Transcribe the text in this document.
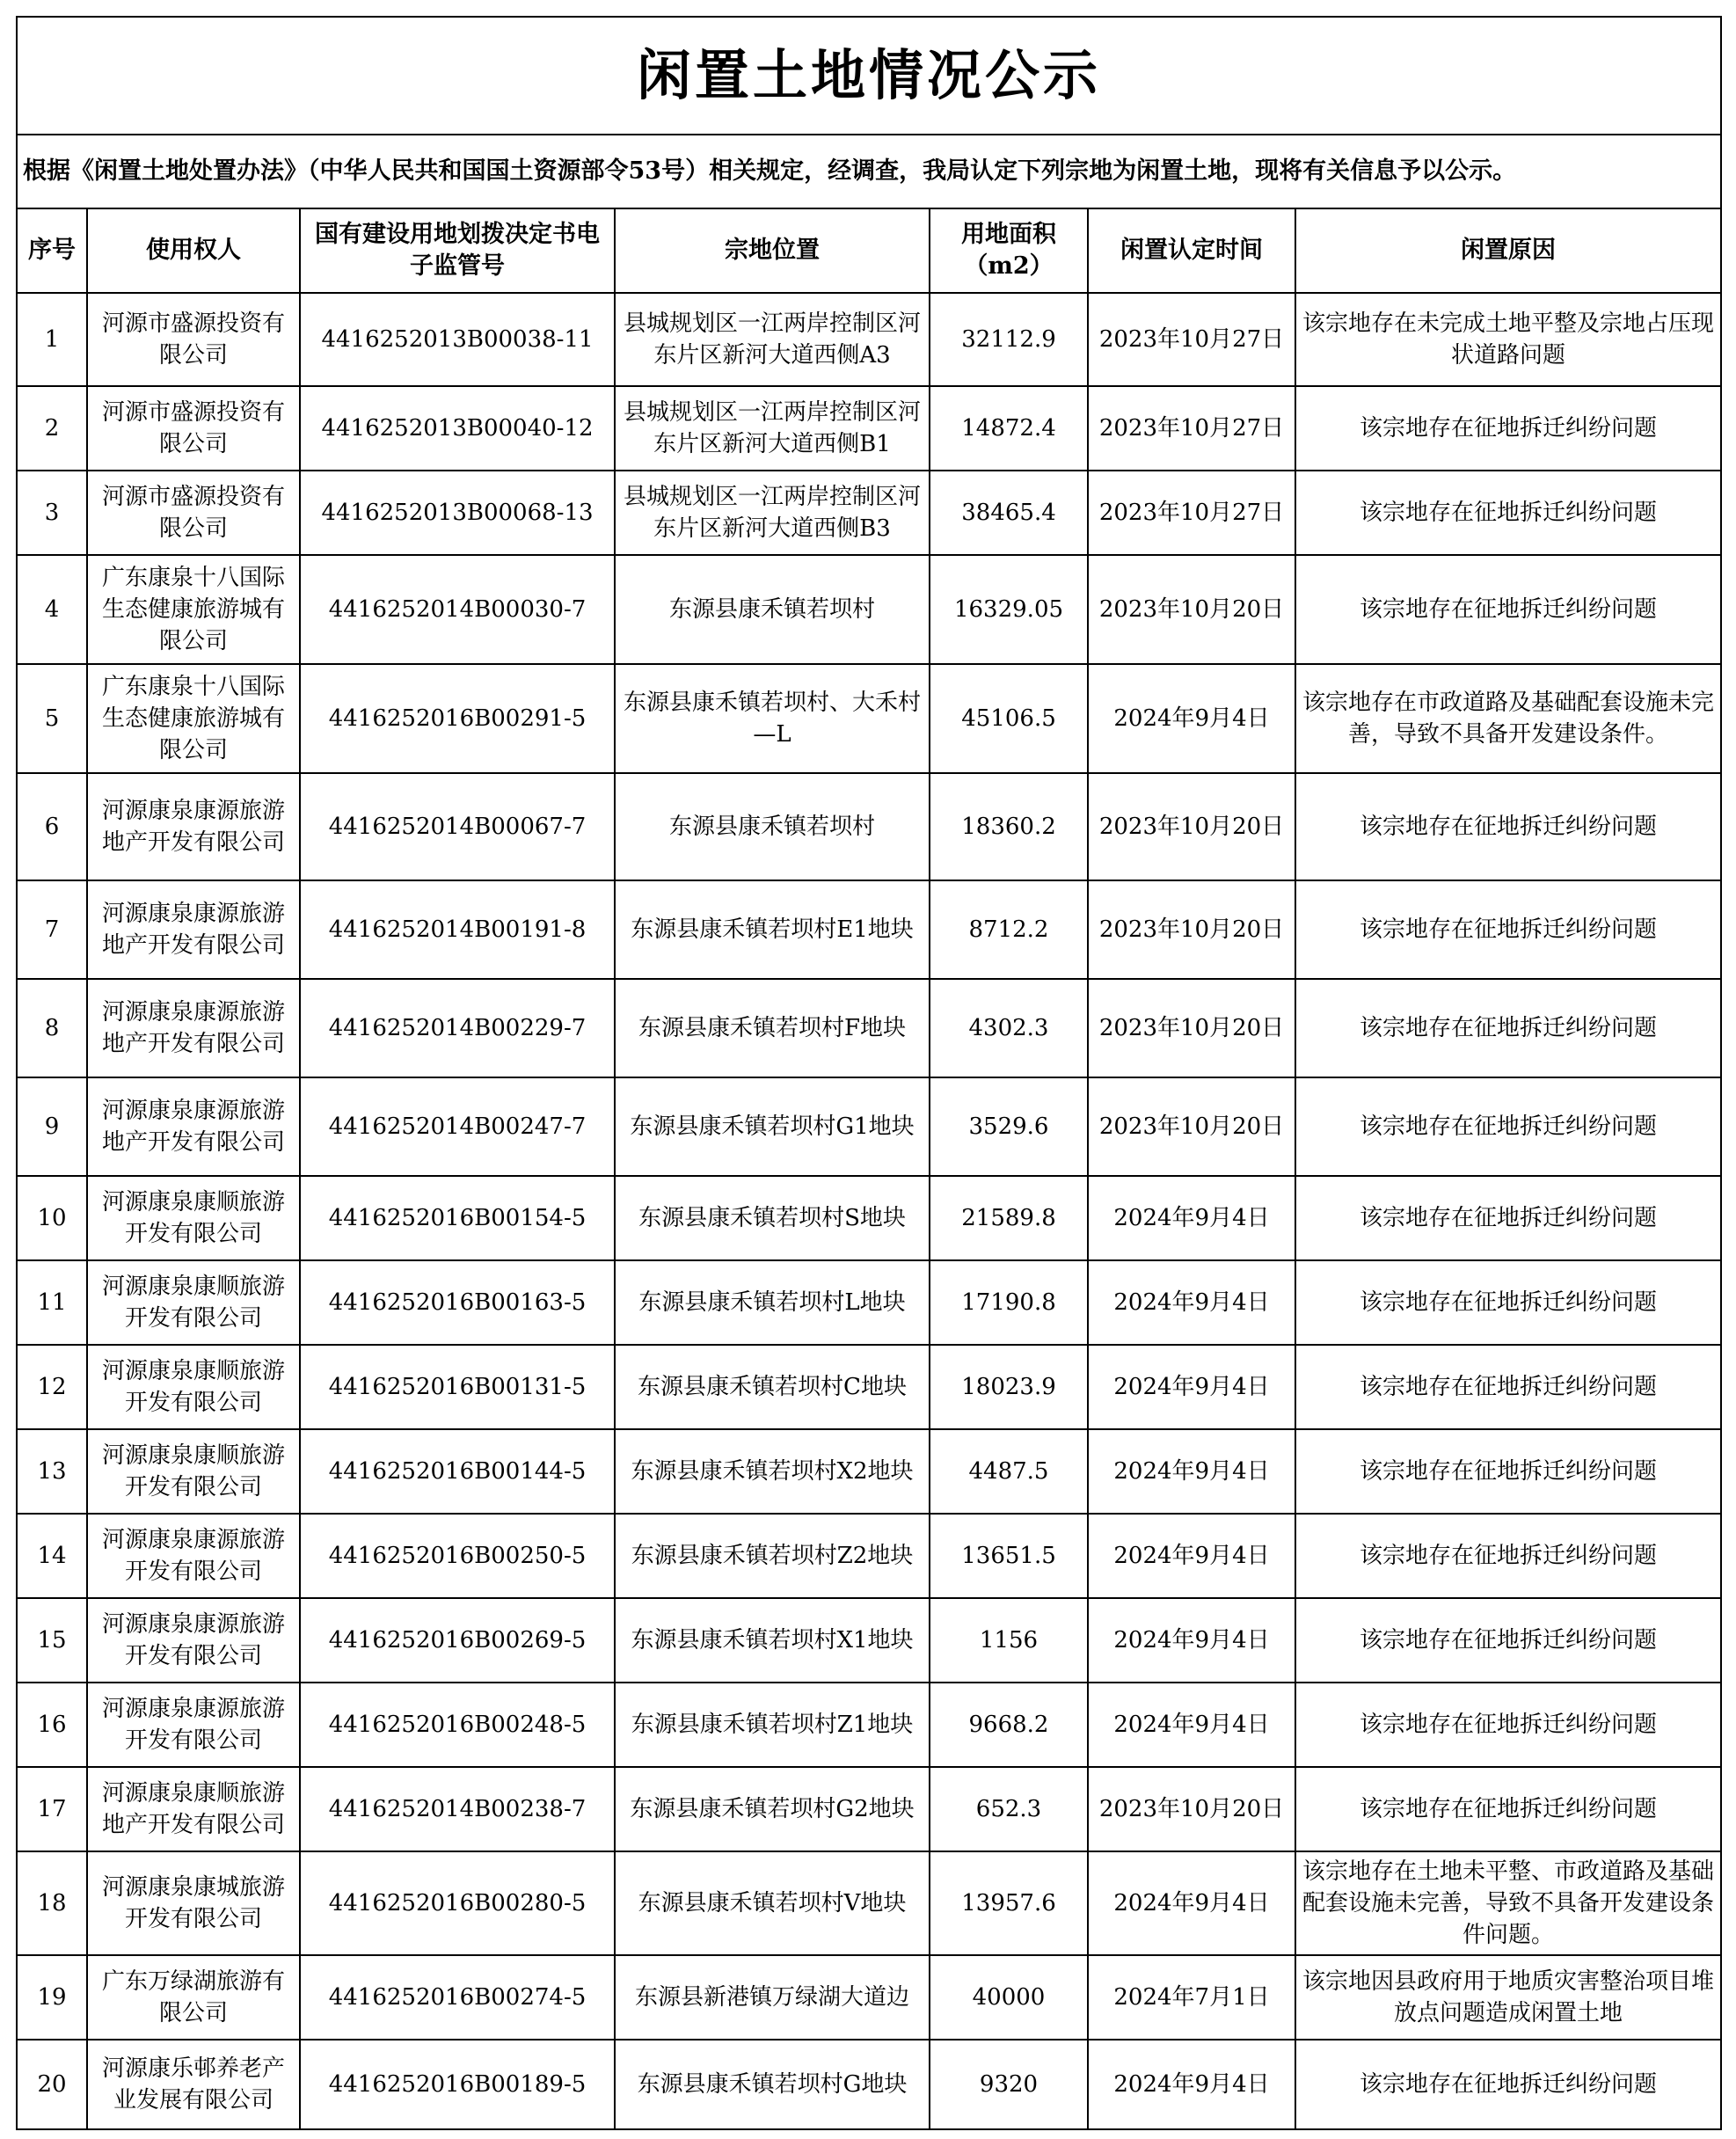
闲置土地情况公示						
根据《闲置土地处置办法》（中华人民共和国国土资源部令53号）相关规定，经调查，我局认定下列宗地为闲置土地，现将有关信息予以公示。						
序号	使用权人	国有建设用地划拨决定书电子监管号	宗地位置	用地面积（m2）	闲置认定时间	闲置原因

1	河源市盛源投资有限公司	4416252013B00038-11	县城规划区一江两岸控制区河东片区新河大道西侧A3	32112.9	2023年10月27日	该宗地存在未完成土地平整及宗地占压现状道路问题

2	河源市盛源投资有限公司	4416252013B00040-12	县城规划区一江两岸控制区河东片区新河大道西侧B1	14872.4	2023年10月27日	该宗地存在征地拆迁纠纷问题

3	河源市盛源投资有限公司	4416252013B00068-13	县城规划区一江两岸控制区河东片区新河大道西侧B3	38465.4	2023年10月27日	该宗地存在征地拆迁纠纷问题

4	广东康泉十八国际生态健康旅游城有限公司	4416252014B00030-7	东源县康禾镇若坝村	16329.05	2023年10月20日	该宗地存在征地拆迁纠纷问题

5	广东康泉十八国际生态健康旅游城有限公司	4416252016B00291-5	东源县康禾镇若坝村、大禾村—L	45106.5	2024年9月4日	该宗地存在市政道路及基础配套设施未完善，导致不具备开发建设条件。

6	河源康泉康源旅游地产开发有限公司	4416252014B00067-7	东源县康禾镇若坝村	18360.2	2023年10月20日	该宗地存在征地拆迁纠纷问题

7	河源康泉康源旅游地产开发有限公司	4416252014B00191-8	东源县康禾镇若坝村E1地块	8712.2	2023年10月20日	该宗地存在征地拆迁纠纷问题

8	河源康泉康源旅游地产开发有限公司	4416252014B00229-7	东源县康禾镇若坝村F地块	4302.3	2023年10月20日	该宗地存在征地拆迁纠纷问题

9	河源康泉康源旅游地产开发有限公司	4416252014B00247-7	东源县康禾镇若坝村G1地块	3529.6	2023年10月20日	该宗地存在征地拆迁纠纷问题

10	河源康泉康顺旅游开发有限公司	4416252016B00154-5	东源县康禾镇若坝村S地块	21589.8	2024年9月4日	该宗地存在征地拆迁纠纷问题

11	河源康泉康顺旅游开发有限公司	4416252016B00163-5	东源县康禾镇若坝村L地块	17190.8	2024年9月4日	该宗地存在征地拆迁纠纷问题

12	河源康泉康顺旅游开发有限公司	4416252016B00131-5	东源县康禾镇若坝村C地块	18023.9	2024年9月4日	该宗地存在征地拆迁纠纷问题

13	河源康泉康顺旅游开发有限公司	4416252016B00144-5	东源县康禾镇若坝村X2地块	4487.5	2024年9月4日	该宗地存在征地拆迁纠纷问题

14	河源康泉康源旅游开发有限公司	4416252016B00250-5	东源县康禾镇若坝村Z2地块	13651.5	2024年9月4日	该宗地存在征地拆迁纠纷问题

15	河源康泉康源旅游开发有限公司	4416252016B00269-5	东源县康禾镇若坝村X1地块	1156	2024年9月4日	该宗地存在征地拆迁纠纷问题

16	河源康泉康源旅游开发有限公司	4416252016B00248-5	东源县康禾镇若坝村Z1地块	9668.2	2024年9月4日	该宗地存在征地拆迁纠纷问题

17	河源康泉康顺旅游地产开发有限公司	4416252014B00238-7	东源县康禾镇若坝村G2地块	652.3	2023年10月20日	该宗地存在征地拆迁纠纷问题

18	河源康泉康城旅游开发有限公司	4416252016B00280-5	东源县康禾镇若坝村V地块	13957.6	2024年9月4日	该宗地存在土地未平整、市政道路及基础配套设施未完善，导致不具备开发建设条件问题。

19	广东万绿湖旅游有限公司	4416252016B00274-5	东源县新港镇万绿湖大道边	40000	2024年7月1日	该宗地因县政府用于地质灾害整治项目堆放点问题造成闲置土地

20	河源康乐邨养老产业发展有限公司	4416252016B00189-5	东源县康禾镇若坝村G地块	9320	2024年9月4日	该宗地存在征地拆迁纠纷问题
